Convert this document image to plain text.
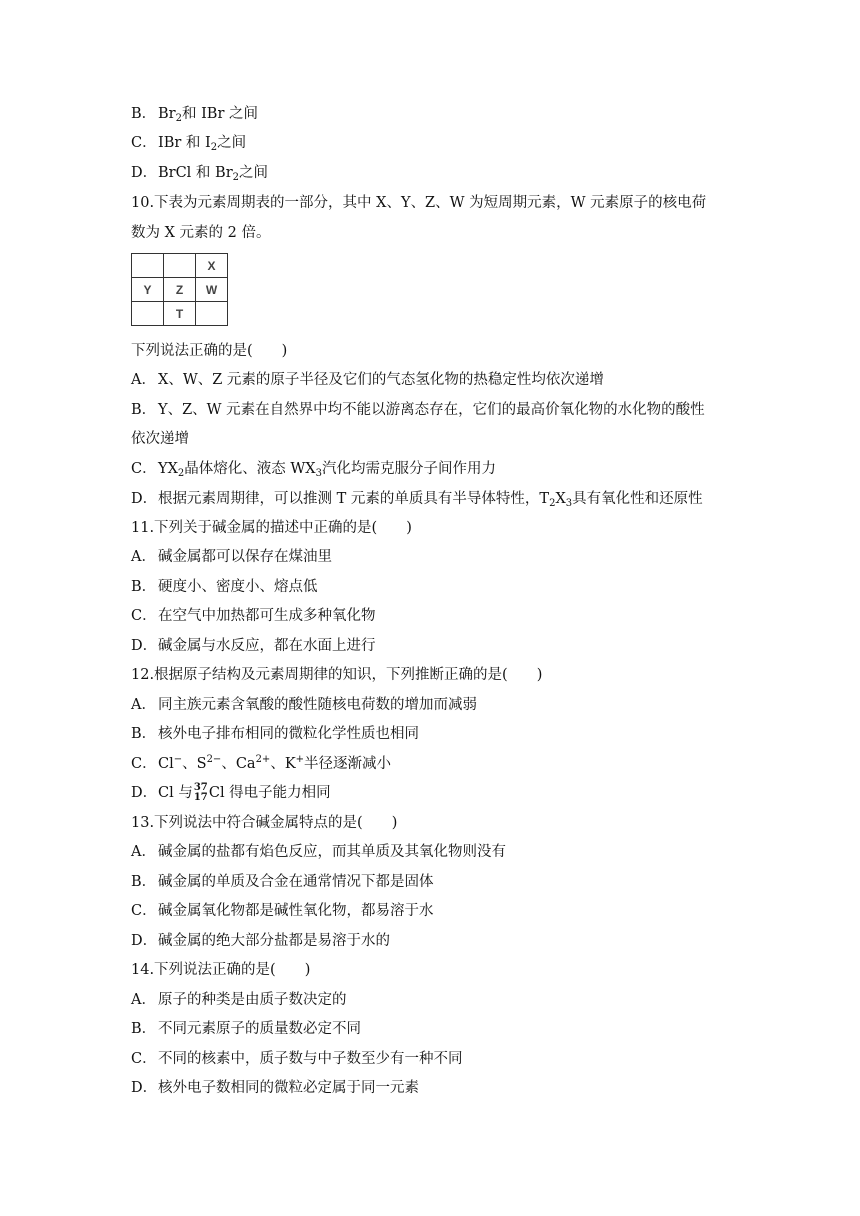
B． $Br_2$和 IBr 之间
C．IBr 和 $I_2$之间
D．BrCl 和 $Br_2$之间
10.下表为元素周期表的一部分，其中 X、Y、Z、W 为短周期元素，W 元素原子的核电荷
数为 X 元素的 2 倍。
		X
Y	Z	W
	T	
下列说法正确的是(　　)
A． X、W、Z 元素的原子半径及它们的气态氢化物的热稳定性均依次递增
B． Y、Z、W 元素在自然界中均不能以游离态存在，它们的最高价氧化物的水化物的酸性
依次递增
C．$YX_2$晶体熔化、液态 $WX_3$汽化均需克服分子间作用力
D．根据元素周期律，可以推测 T 元素的单质具有半导体特性，$T_2X_3$具有氧化性和还原性
11.下列关于碱金属的描述中正确的是(　　)
A． 碱金属都可以保存在煤油里
B． 硬度小、密度小、熔点低
C．在空气中加热都可生成多种氧化物
D．碱金属与水反应，都在水面上进行
12.根据原子结构及元素周期律的知识，下列推断正确的是(　　)
A． 同主族元素含氧酸的酸性随核电荷数的增加而减弱
B． 核外电子排布相同的微粒化学性质也相同
C．Cl−、$S^{2-}$、$Ca^{2+}$、K+半径逐渐减小
D．Cl 与 37
17 Cl 得电子能力相同
13.下列说法中符合碱金属特点的是(　　)
A． 碱金属的盐都有焰色反应，而其单质及其氧化物则没有
B． 碱金属的单质及合金在通常情况下都是固体
C．碱金属氧化物都是碱性氧化物，都易溶于水
D．碱金属的绝大部分盐都是易溶于水的
14.下列说法正确的是(　　)
A． 原子的种类是由质子数决定的
B． 不同元素原子的质量数必定不同
C．不同的核素中，质子数与中子数至少有一种不同
D．核外电子数相同的微粒必定属于同一元素
